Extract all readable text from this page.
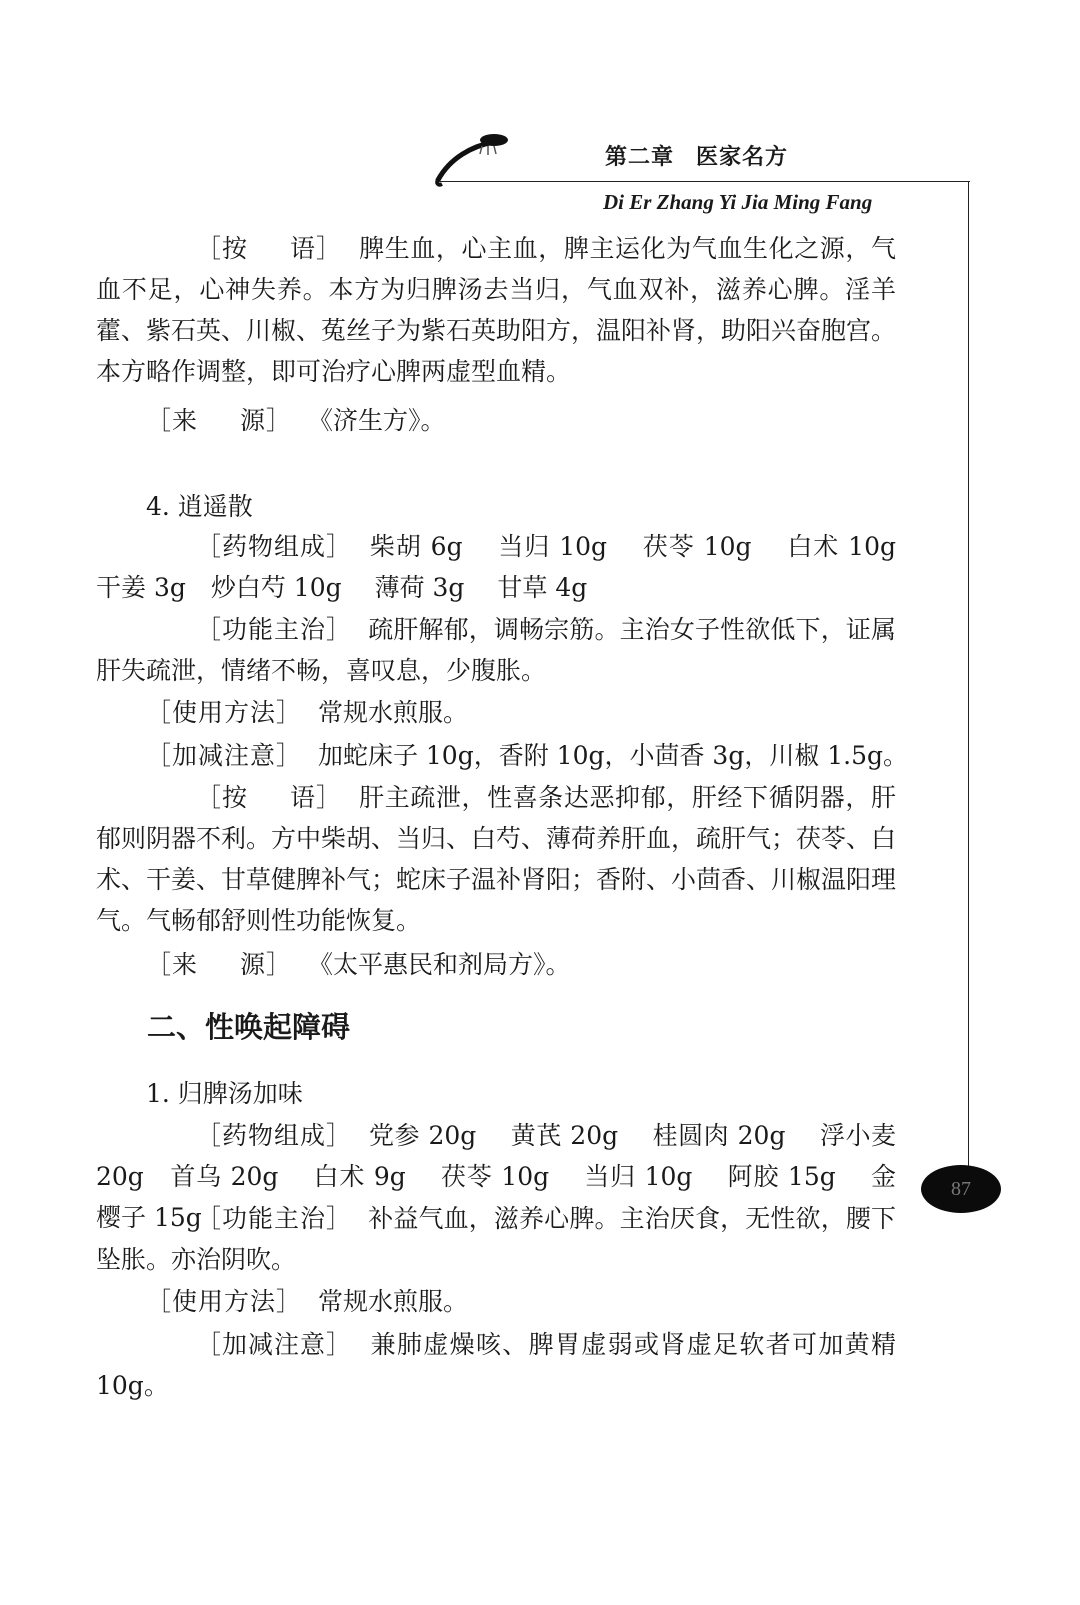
第二章 医家名方
Di Er Zhang Yi Jia Ming Fang
87
［按 语］ 脾生血，心主血，脾主运化为气血生化之源，气血不足，心神失养。本方为归脾汤去当归，气血双补，滋养心脾。淫羊藿、紫石英、川椒、菟丝子为紫石英助阳方，温阳补肾，助阳兴奋胞宫。本方略作调整，即可治疗心脾两虚型血精。
［来 源］ 《济生方》。
4. 逍遥散
［药物组成］ 柴胡 6g　 当归 10g　 茯苓 10g　 白术 10g　 干姜 3g　炒白芍 10g　 薄荷 3g　 甘草 4g
［功能主治］ 疏肝解郁，调畅宗筋。主治女子性欲低下，证属肝失疏泄，情绪不畅，喜叹息，少腹胀。
［使用方法］ 常规水煎服。
［加减注意］ 加蛇床子 10g，香附 10g，小茴香 3g，川椒 1.5g。
［按 语］ 肝主疏泄，性喜条达恶抑郁，肝经下循阴器，肝郁则阴器不利。方中柴胡、当归、白芍、薄荷养肝血，疏肝气；茯苓、白术、干姜、甘草健脾补气；蛇床子温补肾阳；香附、小茴香、川椒温阳理气。气畅郁舒则性功能恢复。
［来 源］ 《太平惠民和剂局方》。
二、性唤起障碍
1. 归脾汤加味
［药物组成］ 党参 20g　 黄芪 20g　 桂圆肉 20g　 浮小麦 20g　首乌 20g　 白术 9g　 茯苓 10g　 当归 10g　 阿胶 15g　 金樱子 15g
［功能主治］ 补益气血，滋养心脾。主治厌食，无性欲，腰下坠胀。亦治阴吹。
［使用方法］ 常规水煎服。
［加减注意］ 兼肺虚燥咳、脾胃虚弱或肾虚足软者可加黄精 10g。
